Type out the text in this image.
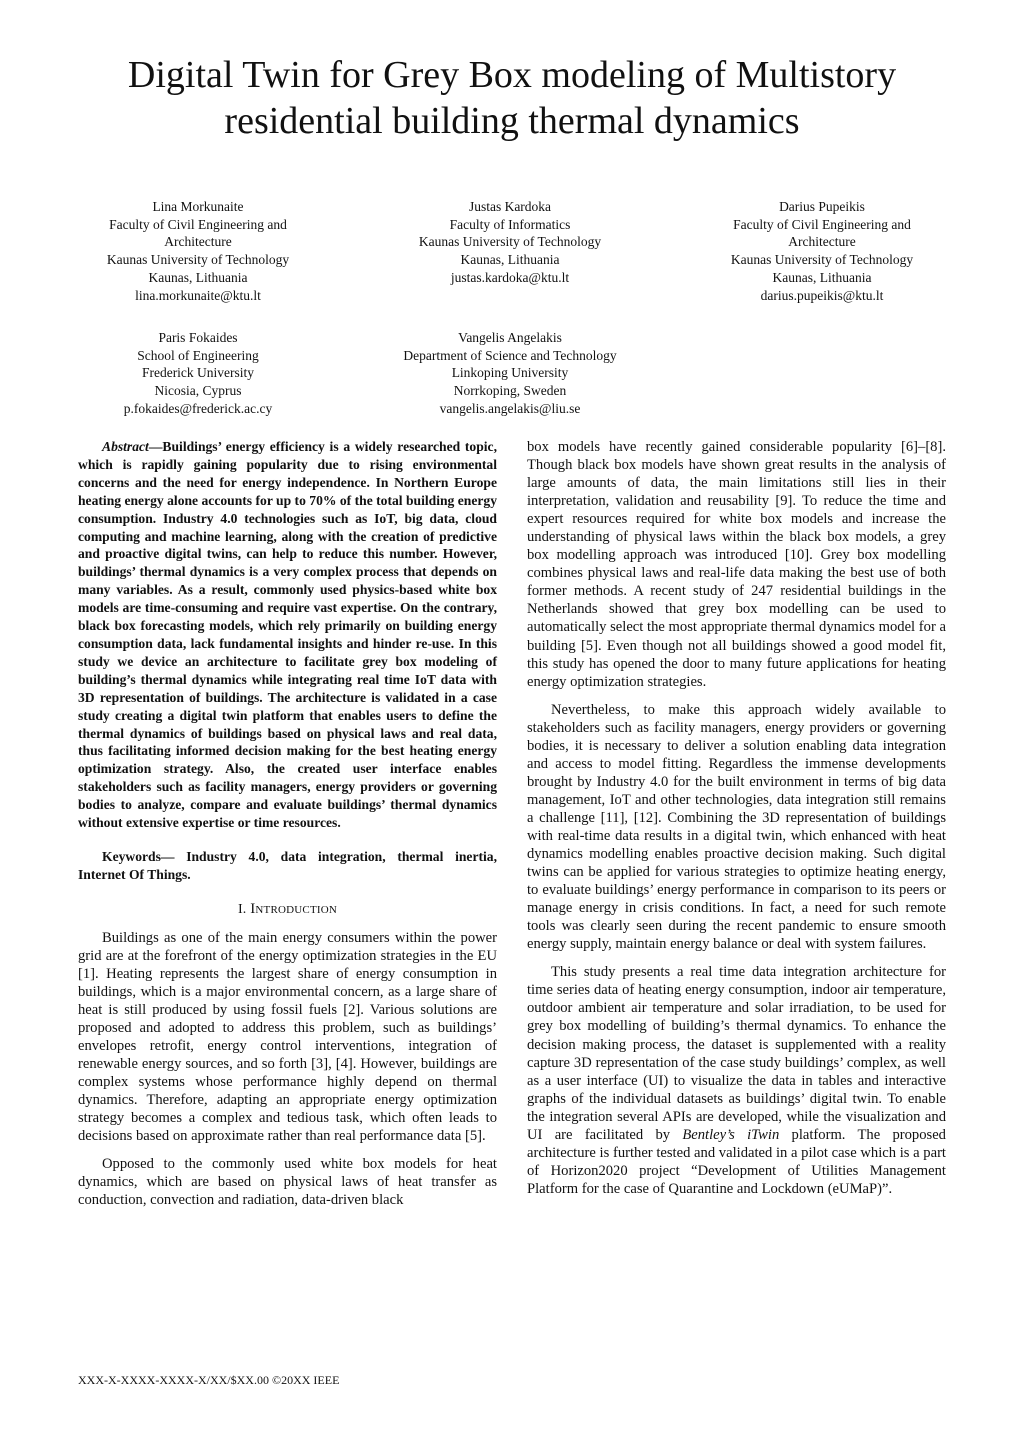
Digital Twin for Grey Box modeling of Multistory
residential building thermal dynamics
Lina Morkunaite
Faculty of Civil Engineering and
Architecture
Kaunas University of Technology
Kaunas, Lithuania
lina.morkunaite@ktu.lt
Justas Kardoka
Faculty of Informatics
Kaunas University of Technology
Kaunas, Lithuania
justas.kardoka@ktu.lt
Darius Pupeikis
Faculty of Civil Engineering and
Architecture
Kaunas University of Technology
Kaunas, Lithuania
darius.pupeikis@ktu.lt
Paris Fokaides
School of Engineering
Frederick University
Nicosia, Cyprus
p.fokaides@frederick.ac.cy
Vangelis Angelakis
Department of Science and Technology
Linkoping University
Norrkoping, Sweden
vangelis.angelakis@liu.se

Abstract—Buildings’ energy efficiency is a widely researched topic, which is rapidly gaining popularity due to rising environmental concerns and the need for energy independence. In Northern Europe heating energy alone accounts for up to 70% of the total building energy consumption. Industry 4.0 technologies such as IoT, big data, cloud computing and machine learning, along with the creation of predictive and proactive digital twins, can help to reduce this number. However, buildings’ thermal dynamics is a very complex process that depends on many variables. As a result, commonly used physics-based white box models are time-consuming and require vast expertise. On the contrary, black box forecasting models, which rely primarily on building energy consumption data, lack fundamental insights and hinder re-use. In this study we device an architecture to facilitate grey box modeling of building’s thermal dynamics while integrating real time IoT data with 3D representation of buildings. The architecture is validated in a case study creating a digital twin platform that enables users to define the thermal dynamics of buildings based on physical laws and real data, thus facilitating informed decision making for the best heating energy optimization strategy. Also, the created user interface enables stakeholders such as facility managers, energy providers or governing bodies to analyze, compare and evaluate buildings’ thermal dynamics without extensive expertise or time resources.

Keywords— Industry 4.0, data integration, thermal inertia, Internet Of Things.

I. Introduction

Buildings as one of the main energy consumers within the power grid are at the forefront of the energy optimization strategies in the EU [1]. Heating represents the largest share of energy consumption in buildings, which is a major environmental concern, as a large share of heat is still produced by using fossil fuels [2]. Various solutions are proposed and adopted to address this problem, such as buildings’ envelopes retrofit, energy control interventions, integration of renewable energy sources, and so forth [3], [4]. However, buildings are complex systems whose performance highly depend on thermal dynamics. Therefore, adapting an appropriate energy optimization strategy becomes a complex and tedious task, which often leads to decisions based on approximate rather than real performance data [5].

Opposed to the commonly used white box models for heat dynamics, which are based on physical laws of heat transfer as conduction, convection and radiation, data-driven black

box models have recently gained considerable popularity [6]–[8]. Though black box models have shown great results in the analysis of large amounts of data, the main limitations still lies in their interpretation, validation and reusability [9]. To reduce the time and expert resources required for white box models and increase the understanding of physical laws within the black box models, a grey box modelling approach was introduced [10]. Grey box modelling combines physical laws and real-life data making the best use of both former methods. A recent study of 247 residential buildings in the Netherlands showed that grey box modelling can be used to automatically select the most appropriate thermal dynamics model for a building [5]. Even though not all buildings showed a good model fit, this study has opened the door to many future applications for heating energy optimization strategies.

Nevertheless, to make this approach widely available to stakeholders such as facility managers, energy providers or governing bodies, it is necessary to deliver a solution enabling data integration and access to model fitting. Regardless the immense developments brought by Industry 4.0 for the built environment in terms of big data management, IoT and other technologies, data integration still remains a challenge [11], [12]. Combining the 3D representation of buildings with real-time data results in a digital twin, which enhanced with heat dynamics modelling enables proactive decision making. Such digital twins can be applied for various strategies to optimize heating energy, to evaluate buildings’ energy performance in comparison to its peers or manage energy in crisis conditions. In fact, a need for such remote tools was clearly seen during the recent pandemic to ensure smooth energy supply, maintain energy balance or deal with system failures.

This study presents a real time data integration architecture for time series data of heating energy consumption, indoor air temperature, outdoor ambient air temperature and solar irradiation, to be used for grey box modelling of building’s thermal dynamics. To enhance the decision making process, the dataset is supplemented with a reality capture 3D representation of the case study buildings’ complex, as well as a user interface (UI) to visualize the data in tables and interactive graphs of the individual datasets as buildings’ digital twin. To enable the integration several APIs are developed, while the visualization and UI are facilitated by Bentley’s iTwin platform. The proposed architecture is further tested and validated in a pilot case which is a part of Horizon2020 project “Development of Utilities Management Platform for the case of Quarantine and Lockdown (eUMaP)”.

XXX-X-XXXX-XXXX-X/XX/$XX.00 ©20XX IEEE
